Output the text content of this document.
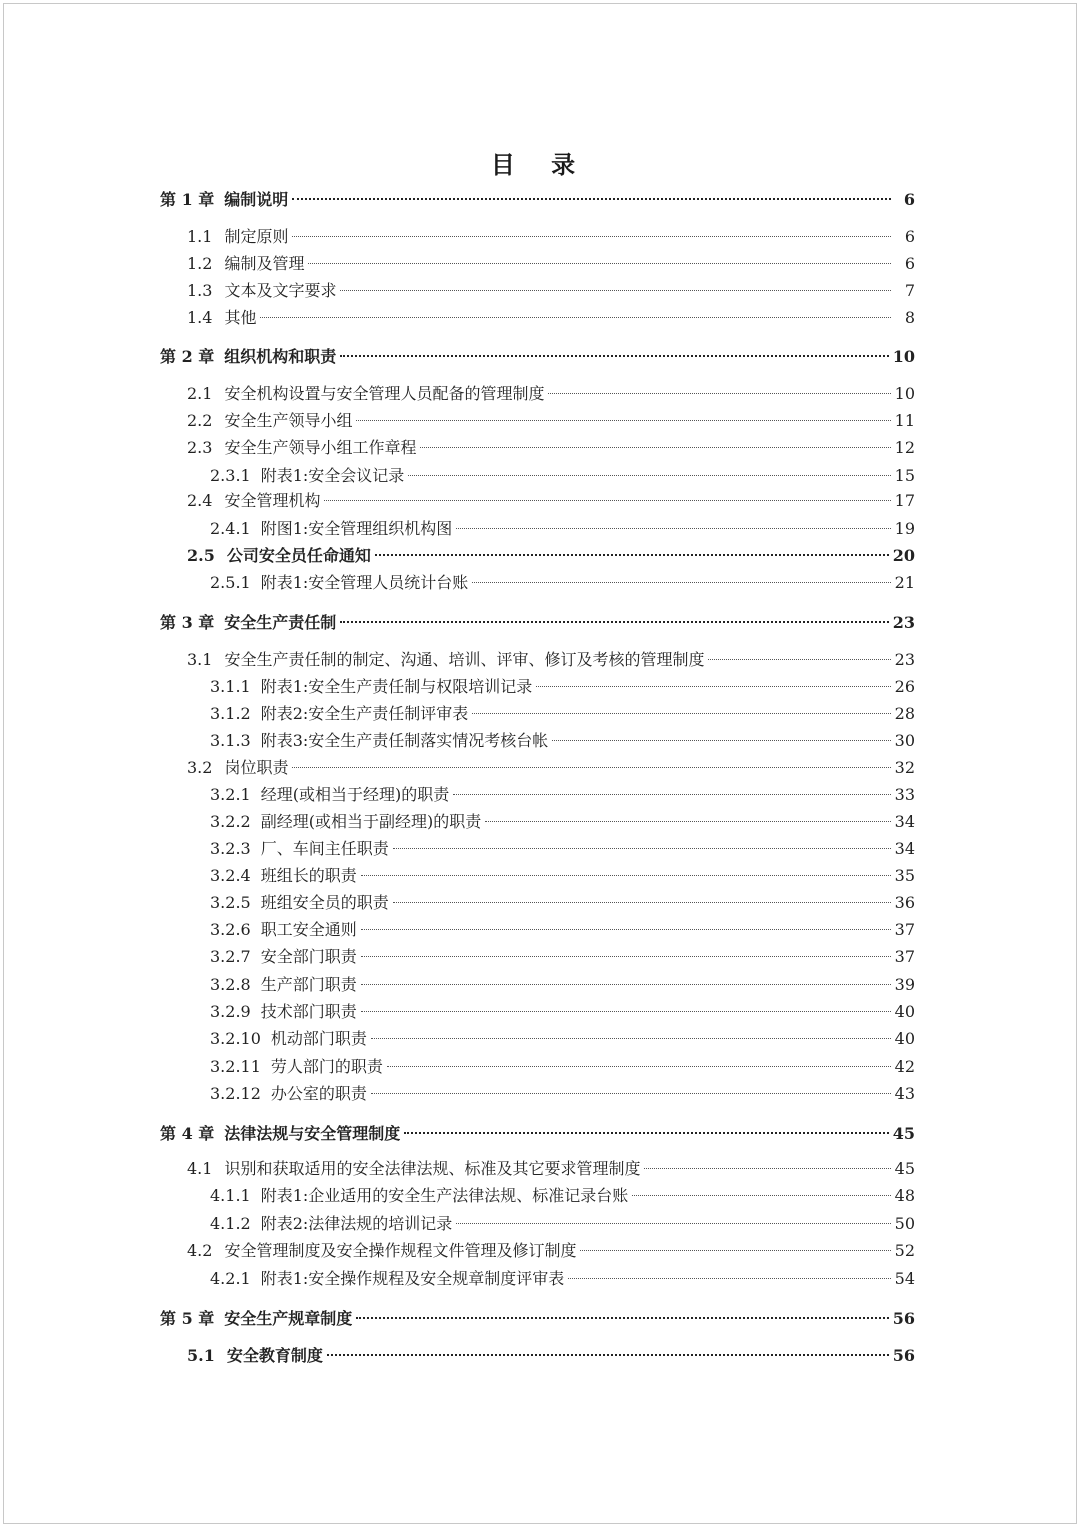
目 录
第 1 章 编制说明	6
1.1 制定原则	6
1.2 编制及管理	6
1.3 文本及文字要求	7
1.4 其他	8
第 2 章 组织机构和职责	10
2.1 安全机构设置与安全管理人员配备的管理制度	10
2.2 安全生产领导小组	11
2.3 安全生产领导小组工作章程	12
2.3.1 附表1:安全会议记录	15
2.4 安全管理机构	17
2.4.1 附图1:安全管理组织机构图	19
2.5 公司安全员任命通知	20
2.5.1 附表1:安全管理人员统计台账	21
第 3 章 安全生产责任制	23
3.1 安全生产责任制的制定、沟通、培训、评审、修订及考核的管理制度	23
3.1.1 附表1:安全生产责任制与权限培训记录	26
3.1.2 附表2:安全生产责任制评审表	28
3.1.3 附表3:安全生产责任制落实情况考核台帐	30
3.2 岗位职责	32
3.2.1 经理(或相当于经理)的职责	33
3.2.2 副经理(或相当于副经理)的职责	34
3.2.3 厂、车间主任职责	34
3.2.4 班组长的职责	35
3.2.5 班组安全员的职责	36
3.2.6 职工安全通则	37
3.2.7 安全部门职责	37
3.2.8 生产部门职责	39
3.2.9 技术部门职责	40
3.2.10 机动部门职责	40
3.2.11 劳人部门的职责	42
3.2.12 办公室的职责	43
第 4 章 法律法规与安全管理制度	45
4.1 识别和获取适用的安全法律法规、标准及其它要求管理制度	45
4.1.1 附表1:企业适用的安全生产法律法规、标准记录台账	48
4.1.2 附表2:法律法规的培训记录	50
4.2 安全管理制度及安全操作规程文件管理及修订制度	52
4.2.1 附表1:安全操作规程及安全规章制度评审表	54
第 5 章 安全生产规章制度	56
5.1 安全教育制度	56
